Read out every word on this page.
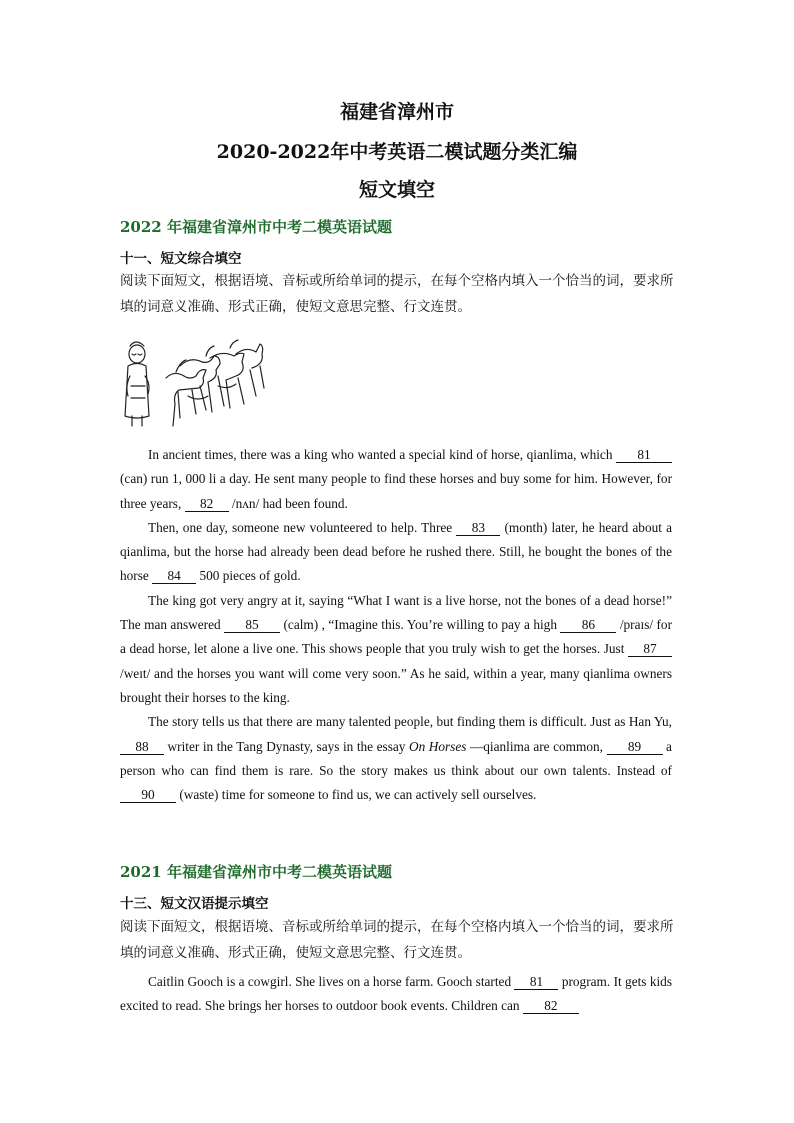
福建省漳州市
2020-2022年中考英语二模试题分类汇编
短文填空
2022 年福建省漳州市中考二模英语试题
十一、短文综合填空
阅读下面短文，根据语境、音标或所给单词的提示，在每个空格内填入一个恰当的词，要求所填的词意义准确、形式正确，使短文意思完整、行文连贯。

In ancient times, there was a king who wanted a special kind of horse, qianlima, which 81 (can) run 1, 000 li a day. He sent many people to find these horses and buy some for him. However, for three years, 82 /nʌn/ had been found.

Then, one day, someone new volunteered to help. Three 83 (month) later, he heard about a qianlima, but the horse had already been dead before he rushed there. Still, he bought the bones of the horse 84 500 pieces of gold.

The king got very angry at it, saying “What I want is a live horse, not the bones of a dead horse!” The man answered 85 (calm) , “Imagine this. You’re willing to pay a high 86 /praɪs/ for a dead horse, let alone a live one. This shows people that you truly wish to get the horses. Just 87 /weɪt/ and the horses you want will come very soon.” As he said, within a year, many qianlima owners brought their horses to the king.

The story tells us that there are many talented people, but finding them is difficult. Just as Han Yu, 88 writer in the Tang Dynasty, says in the essay On Horses —qianlima are common, 89 a person who can find them is rare. So the story makes us think about our own talents. Instead of 90 (waste) time for someone to find us, we can actively sell ourselves.

2021 年福建省漳州市中考二模英语试题
十三、短文汉语提示填空
阅读下面短文，根据语境、音标或所给单词的提示，在每个空格内填入一个恰当的词，要求所填的词意义准确、形式正确，使短文意思完整、行文连贯。

Caitlin Gooch is a cowgirl. She lives on a horse farm. Gooch started 81 program. It gets kids excited to read. She brings her horses to outdoor book events. Children can 82
